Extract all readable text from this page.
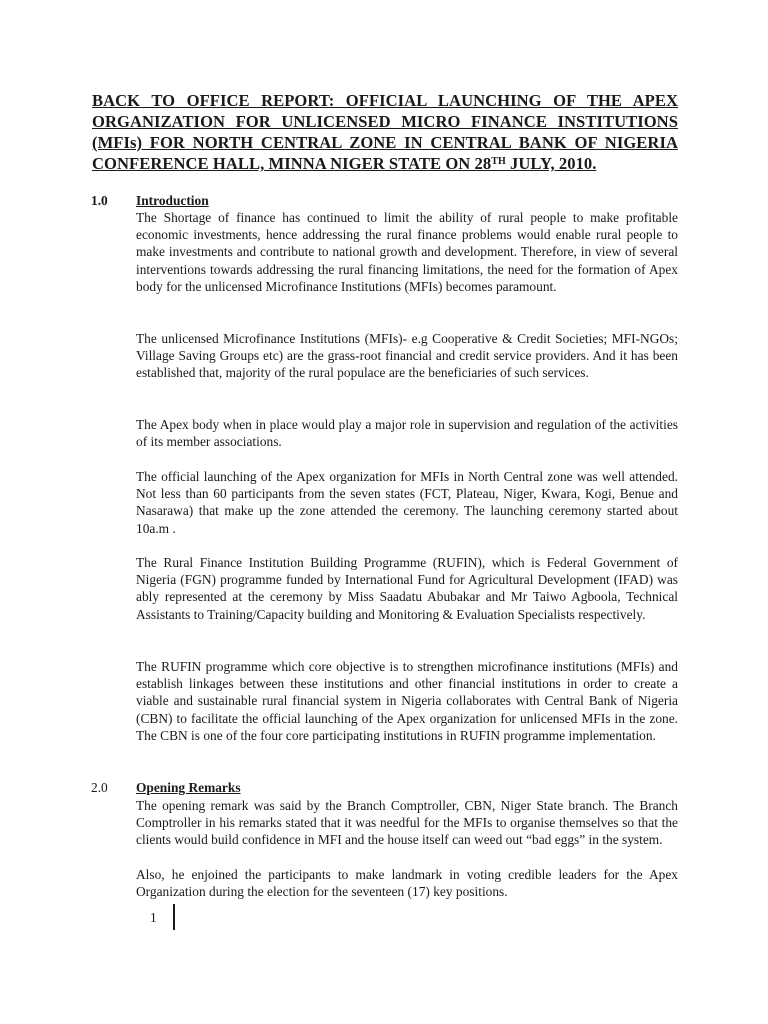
BACK TO OFFICE REPORT: OFFICIAL LAUNCHING OF THE APEX ORGANIZATION FOR UNLICENSED MICRO FINANCE INSTITUTIONS (MFIs) FOR NORTH CENTRAL ZONE IN CENTRAL BANK OF NIGERIA CONFERENCE HALL, MINNA NIGER STATE ON 28TH JULY, 2010.
1.0 Introduction

The Shortage of finance has continued to limit the ability of rural people to make profitable economic investments, hence addressing the rural finance problems would enable rural people to make investments and contribute to national growth and development. Therefore, in view of several interventions towards addressing the rural financing limitations, the need for the formation of Apex body for the unlicensed Microfinance Institutions (MFIs) becomes paramount.

The unlicensed Microfinance Institutions (MFIs)- e.g Cooperative & Credit Societies; MFI-NGOs; Village Saving Groups etc) are the grass-root financial and credit service providers. And it has been established that, majority of the rural populace are the beneficiaries of such services.

The Apex body when in place would play a major role in supervision and regulation of the activities of its member associations.

The official launching of the Apex organization for MFIs in North Central zone was well attended. Not less than 60 participants from the seven states (FCT, Plateau, Niger, Kwara, Kogi, Benue and Nasarawa) that make up the zone attended the ceremony. The launching ceremony started about 10a.m .

The Rural Finance Institution Building Programme (RUFIN), which is Federal Government of Nigeria (FGN) programme funded by International Fund for Agricultural Development (IFAD) was ably represented at the ceremony by Miss Saadatu Abubakar and Mr Taiwo Agboola, Technical Assistants to Training/Capacity building and Monitoring & Evaluation Specialists respectively.

The RUFIN programme which core objective is to strengthen microfinance institutions (MFIs) and establish linkages between these institutions and other financial institutions in order to create a viable and sustainable rural financial system in Nigeria collaborates with Central Bank of Nigeria (CBN) to facilitate the official launching of the Apex organization for unlicensed MFIs in the zone. The CBN is one of the four core participating institutions in RUFIN programme implementation.

2.0 Opening Remarks

The opening remark was said by the Branch Comptroller, CBN, Niger State branch. The Branch Comptroller in his remarks stated that it was needful for the MFIs to organise themselves so that the clients would build confidence in MFI and the house itself can weed out “bad eggs” in the system.

Also, he enjoined the participants to make landmark in voting credible leaders for the Apex Organization during the election for the seventeen (17) key positions.

1
